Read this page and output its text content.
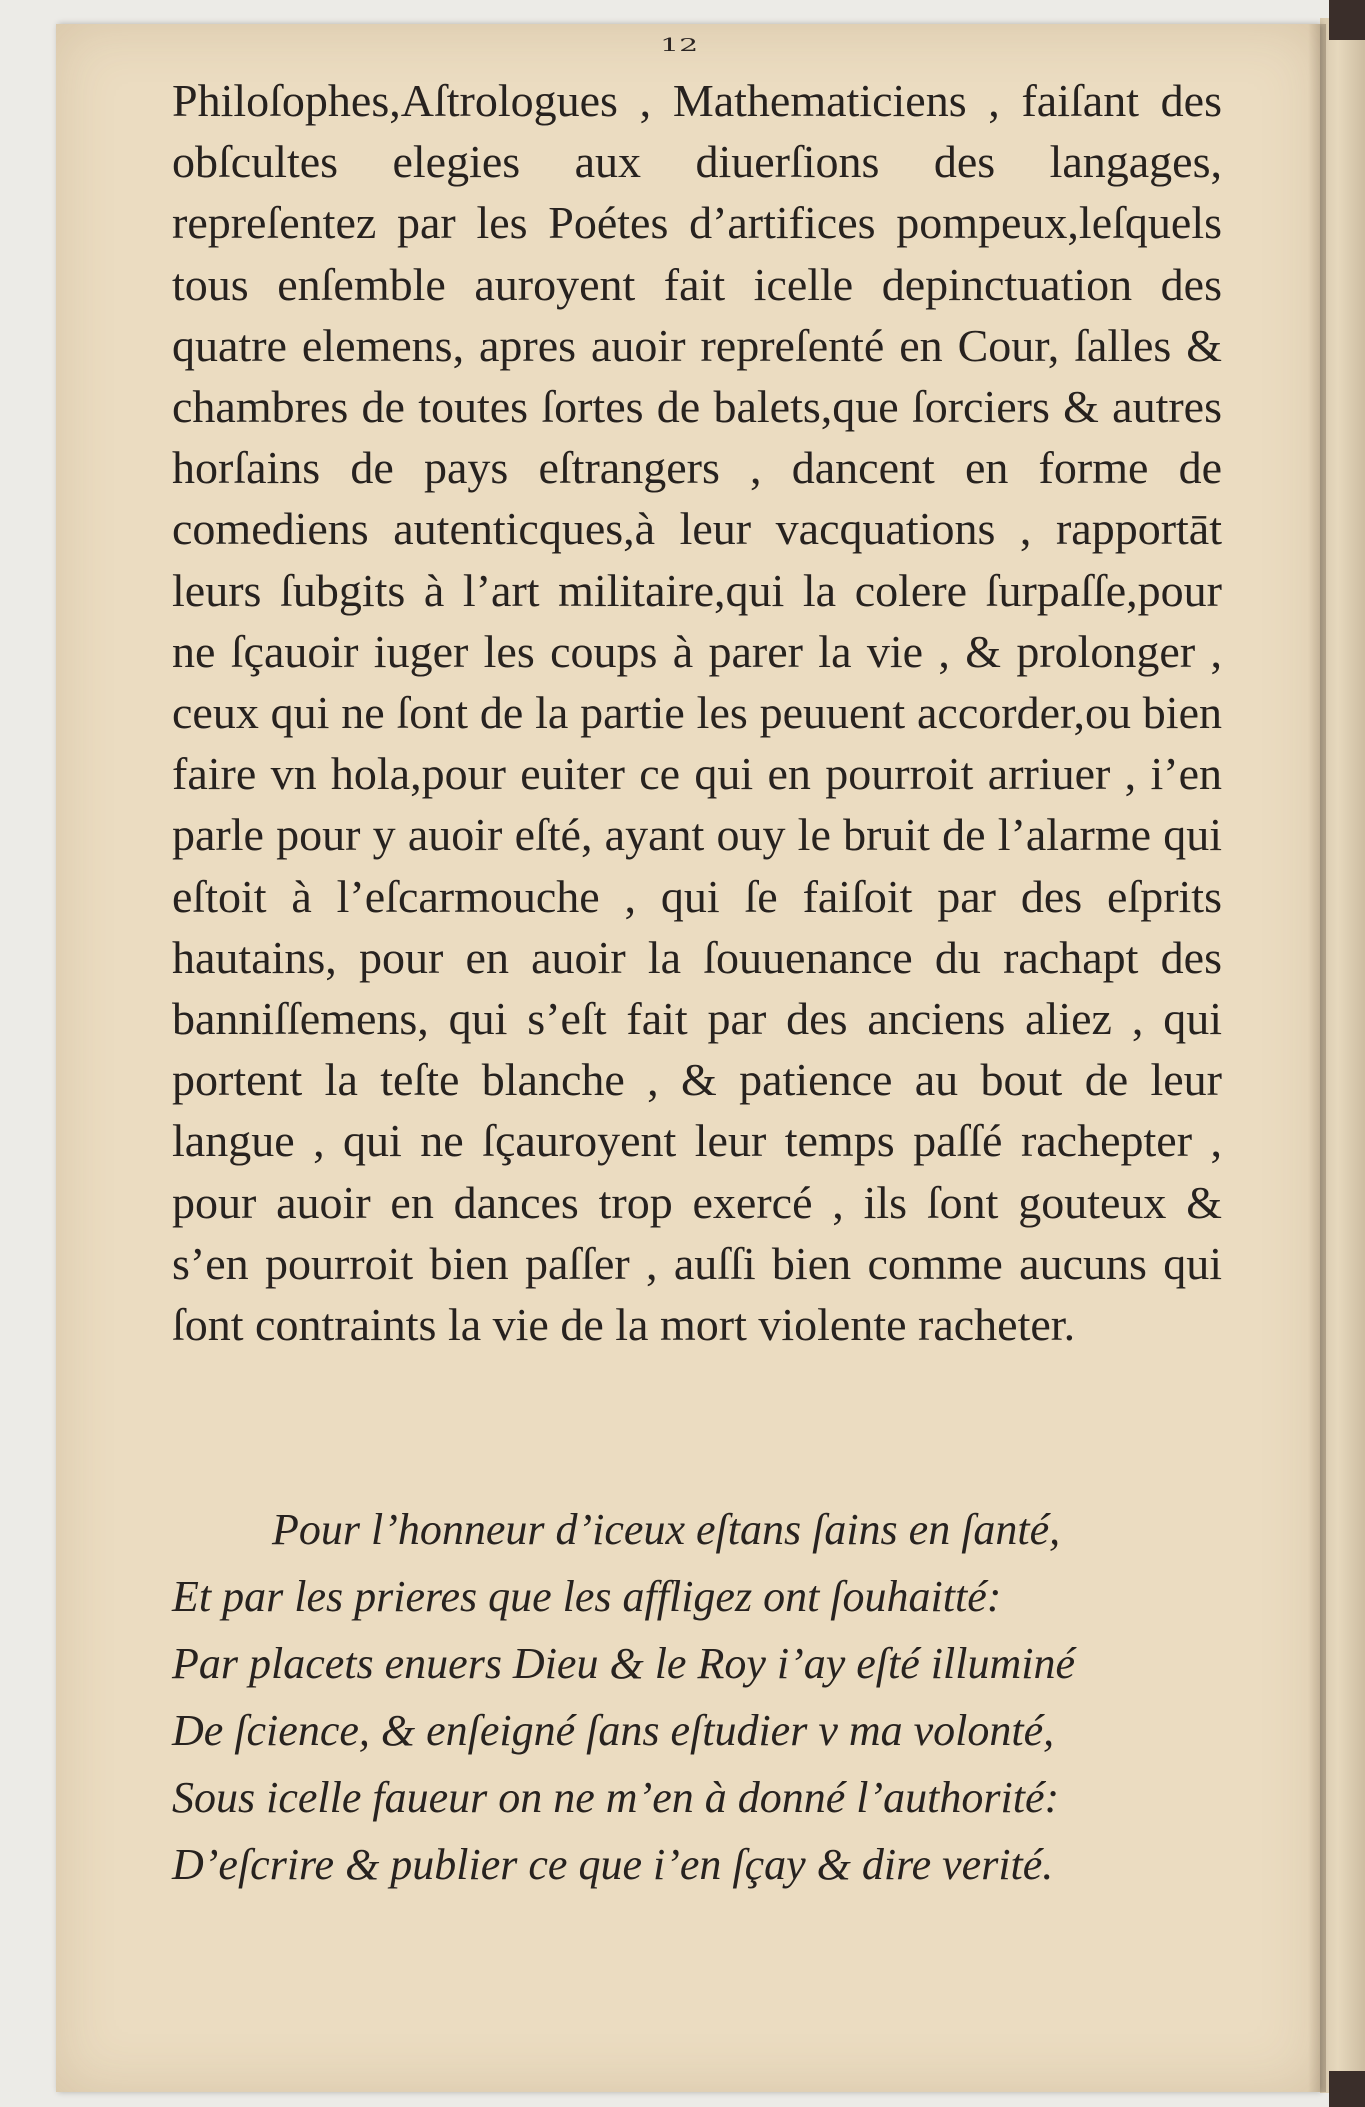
12
Philoſophes,Aſtrologues , Mathematiciens , faiſant des obſcultes elegies aux diuerſions des langages, repreſentez par les Poétes d’artifices pompeux,leſquels tous enſemble auroyent fait icelle depinctuation des quatre elemens, apres auoir repreſenté en Cour, ſalles & chambres de toutes ſortes de balets,que ſorciers & autres horſains de pays eſtrangers , dancent en forme de comediens autenticques,à leur vacquations , rapportāt leurs ſubgits à l’art militaire,qui la colere ſurpaſſe,pour ne ſçauoir iuger les coups à parer la vie , & prolonger , ceux qui ne ſont de la partie les peuuent accorder,ou bien faire vn hola,pour euiter ce qui en pourroit arriuer , i’en parle pour y auoir eſté, ayant ouy le bruit de l’alarme qui eſtoit à l’eſcarmouche , qui ſe faiſoit par des eſprits hautains, pour en auoir la ſouuenance du rachapt des banniſſemens, qui s’eſt fait par des anciens aliez , qui portent la teſte blanche , & patience au bout de leur langue , qui ne ſçauroyent leur temps paſſé rachepter , pour auoir en dances trop exercé , ils ſont gouteux & s’en pourroit bien paſſer , auſſi bien comme aucuns qui ſont contraints la vie de la mort violente racheter.
Pour l’honneur d’iceux eſtans ſains en ſanté,
Et par les prieres que les affligez ont ſouhaitté:
Par placets enuers Dieu & le Roy i’ay eſté illuminé
De ſcience, & enſeigné ſans eſtudier v ma volonté,
Sous icelle faueur on ne m’en à donné l’authorité:
D’eſcrire & publier ce que i’en ſçay & dire verité.
